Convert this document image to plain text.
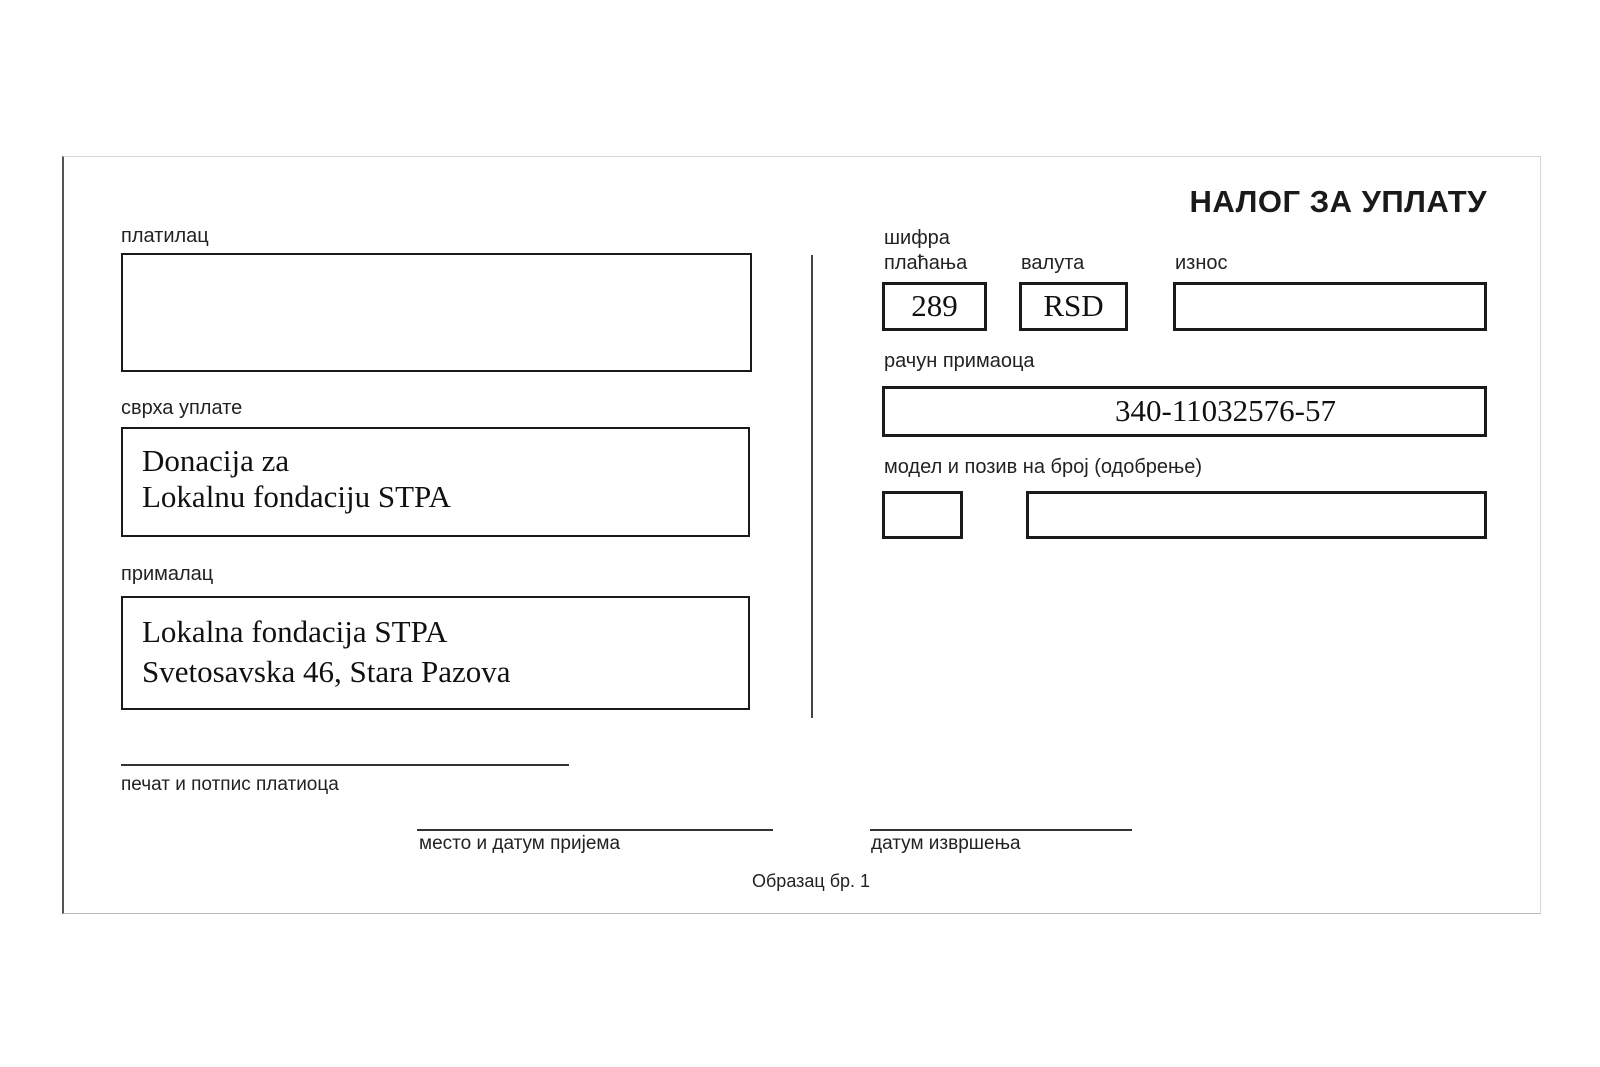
НАЛОГ ЗА УПЛАТУ
платилац
сврха уплате
Donacija za
Lokalnu fondaciju STPA
прималац
Lokalna fondacija STPA
Svetosavska 46, Stara Pazova
шифра
плаћања
289
валута
RSD
износ
рачун примаоца
340-11032576-57
модел и позив на број (одобрење)
печат и потпис платиоца
место и датум пријема	датум извршења
Образац бр. 1
